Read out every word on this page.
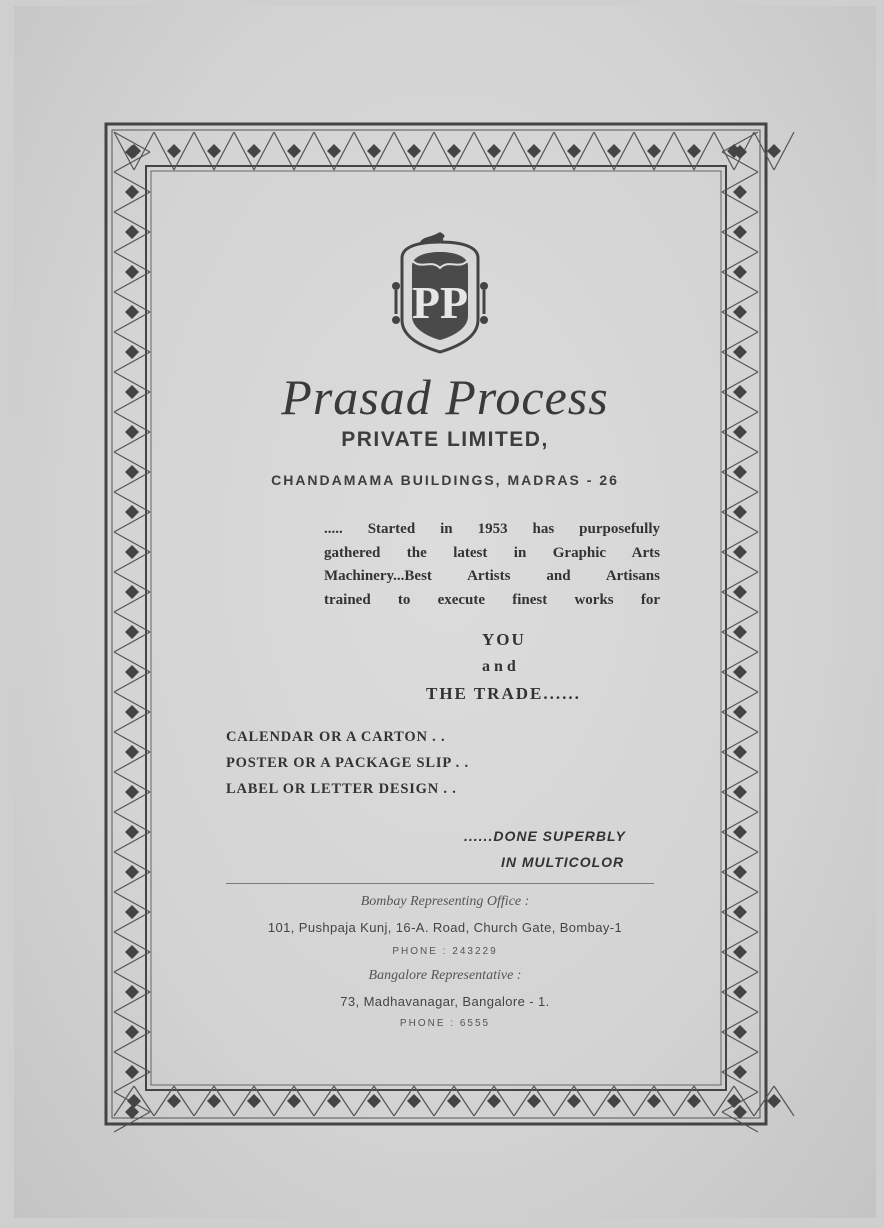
PP
Prasad Process
PRIVATE LIMITED,
CHANDAMAMA BUILDINGS, MADRAS - 26
..... Started in 1953 has purposefully
gathered the latest in Graphic Arts
Machinery...Best Artists and Artisans
trained to execute finest works for
YOU
and
THE TRADE......
CALENDAR OR A CARTON . .
POSTER OR A PACKAGE SLIP . .
LABEL OR LETTER DESIGN . .
......DONE SUPERBLY
IN MULTICOLOR
Bombay Representing Office :
101, Pushpaja Kunj, 16-A. Road, Church Gate, Bombay-1
PHONE : 243229
Bangalore Representative :
73, Madhavanagar, Bangalore - 1.
PHONE : 6555
